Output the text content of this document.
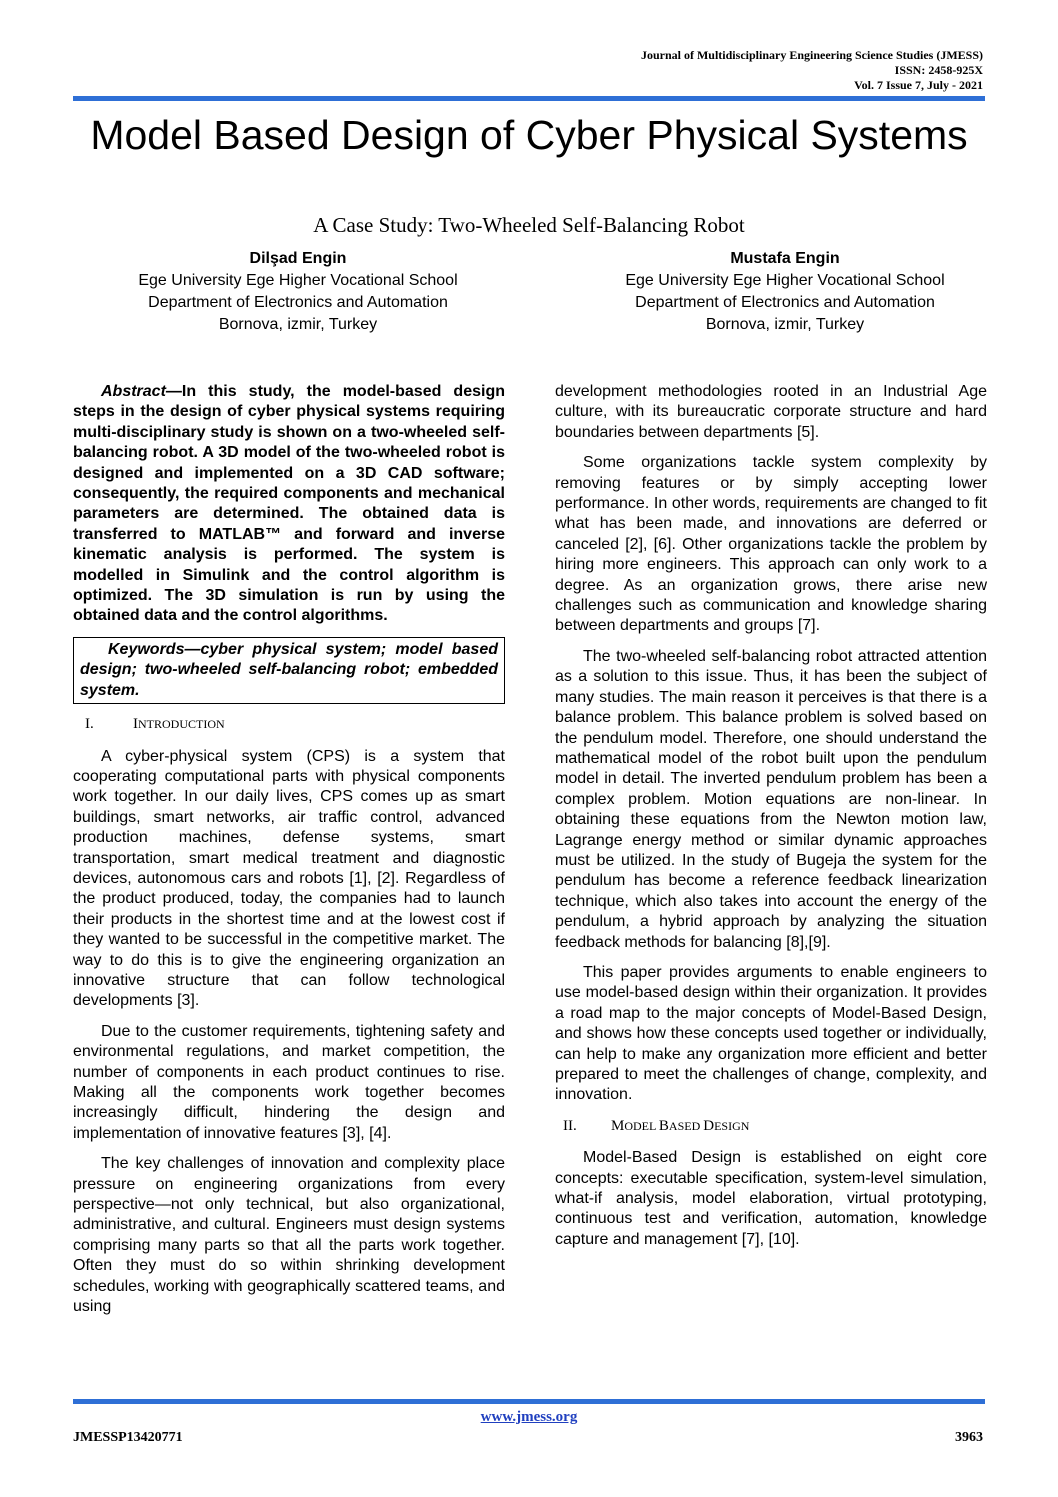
Journal of Multidisciplinary Engineering Science Studies (JMESS)
ISSN: 2458-925X
Vol. 7 Issue 7, July - 2021
Model Based Design of Cyber Physical Systems
A Case Study: Two-Wheeled Self-Balancing Robot
Dilşad Engin
Ege University Ege Higher Vocational School
Department of Electronics and Automation
Bornova, izmir, Turkey
Mustafa Engin
Ege University Ege Higher Vocational School
Department of Electronics and Automation
Bornova, izmir, Turkey

Abstract—In this study, the model-based design steps in the design of cyber physical systems requiring multi-disciplinary study is shown on a two-wheeled self-balancing robot. A 3D model of the two-wheeled robot is designed and implemented on a 3D CAD software; consequently, the required components and mechanical parameters are determined. The obtained data is transferred to MATLAB™ and forward and inverse kinematic analysis is performed. The system is modelled in Simulink and the control algorithm is optimized. The 3D simulation is run by using the obtained data and the control algorithms.

Keywords—cyber physical system; model based design; two-wheeled self-balancing robot; embedded system.
I.	INTRODUCTION

A cyber-physical system (CPS) is a system that cooperating computational parts with physical components work together. In our daily lives, CPS comes up as smart buildings, smart networks, air traffic control, advanced production machines, defense systems, smart transportation, smart medical treatment and diagnostic devices, autonomous cars and robots [1], [2]. Regardless of the product produced, today, the companies had to launch their products in the shortest time and at the lowest cost if they wanted to be successful in the competitive market. The way to do this is to give the engineering organization an innovative structure that can follow technological developments [3].

Due to the customer requirements, tightening safety and environmental regulations, and market competition, the number of components in each product continues to rise. Making all the components work together becomes increasingly difficult, hindering the design and implementation of innovative features [3], [4].

The key challenges of innovation and complexity place pressure on engineering organizations from every perspective—not only technical, but also organizational, administrative, and cultural. Engineers must design systems comprising many parts so that all the parts work together. Often they must do so within shrinking development schedules, working with geographically scattered teams, and using

development methodologies rooted in an Industrial Age culture, with its bureaucratic corporate structure and hard boundaries between departments [5].

Some organizations tackle system complexity by removing features or by simply accepting lower performance. In other words, requirements are changed to fit what has been made, and innovations are deferred or canceled [2], [6]. Other organizations tackle the problem by hiring more engineers. This approach can only work to a degree. As an organization grows, there arise new challenges such as communication and knowledge sharing between departments and groups [7].

The two-wheeled self-balancing robot attracted attention as a solution to this issue. Thus, it has been the subject of many studies. The main reason it perceives is that there is a balance problem. This balance problem is solved based on the pendulum model. Therefore, one should understand the mathematical model of the robot built upon the pendulum model in detail. The inverted pendulum problem has been a complex problem. Motion equations are non-linear. In obtaining these equations from the Newton motion law, Lagrange energy method or similar dynamic approaches must be utilized. In the study of Bugeja the system for the pendulum has become a reference feedback linearization technique, which also takes into account the energy of the pendulum, a hybrid approach by analyzing the situation feedback methods for balancing [8],[9].

This paper provides arguments to enable engineers to use model-based design within their organization. It provides a road map to the major concepts of Model-Based Design, and shows how these concepts used together or individually, can help to make any organization more efficient and better prepared to meet the challenges of change, complexity, and innovation.

II. MODEL BASED DESIGN

Model-Based Design is established on eight core concepts: executable specification, system-level simulation, what-if analysis, model elaboration, virtual prototyping, continuous test and verification, automation, knowledge capture and management [7], [10].

www.jmess.org
JMESSP13420771	3963
